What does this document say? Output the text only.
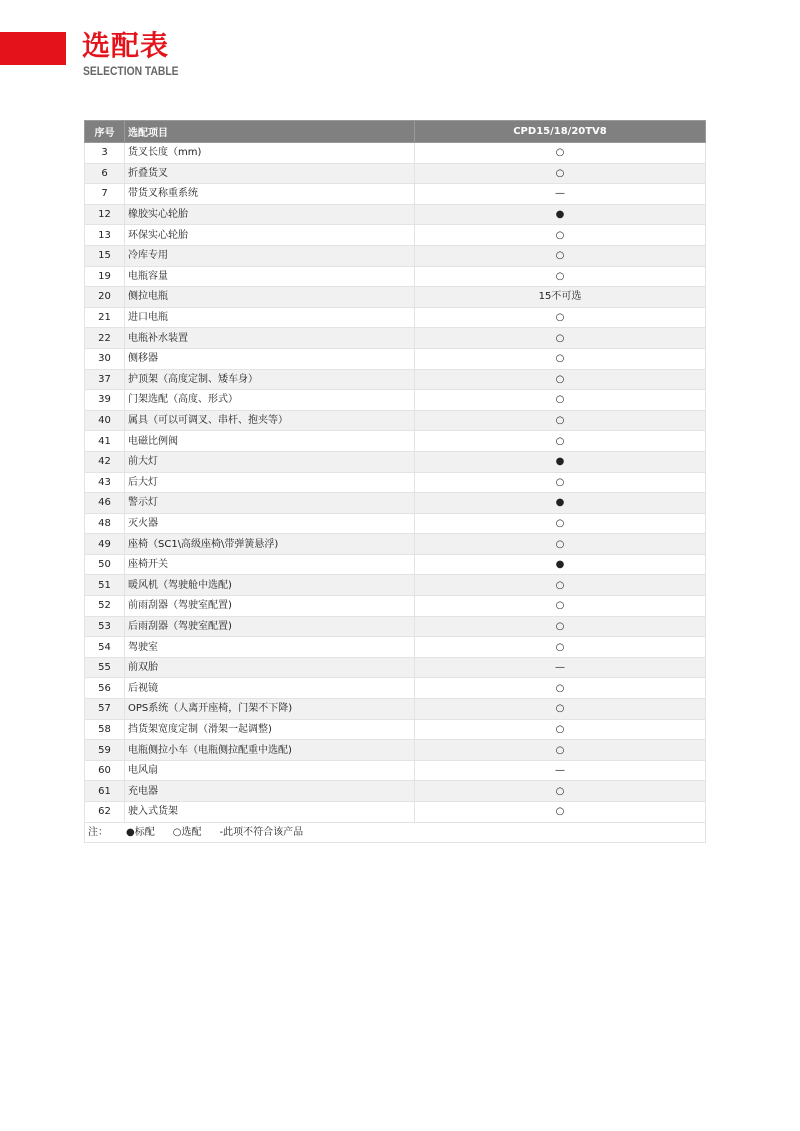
选配表
SELECTION TABLE
序号	选配项目	CPD15/18/20TV8
3	货叉长度（mm)	○
6	折叠货叉	○
7	带货叉称重系统	—
12	橡胶实心轮胎	●
13	环保实心轮胎	○
15	冷库专用	○
19	电瓶容量	○
20	侧拉电瓶	15不可选
21	进口电瓶	○
22	电瓶补水装置	○
30	侧移器	○
37	护顶架（高度定制、矮车身）	○
39	门架选配（高度、形式）	○
40	属具（可以可调叉、串杆、抱夹等）	○
41	电磁比例阀	○
42	前大灯	●
43	后大灯	○
46	警示灯	●
48	灭火器	○
49	座椅（SC1\高级座椅\带弹簧悬浮)	○
50	座椅开关	●
51	暖风机（驾驶舱中选配)	○
52	前雨刮器（驾驶室配置)	○
53	后雨刮器（驾驶室配置)	○
54	驾驶室	○
55	前双胎	—
56	后视镜	○
57	OPS系统（人离开座椅，门架不下降)	○
58	挡货架宽度定制（滑架一起调整)	○
59	电瓶侧拉小车（电瓶侧拉配重中选配)	○
60	电风扇	—
61	充电器	○
62	驶入式货架	○
注： ●标配 ○选配 -此项不符合该产品		
